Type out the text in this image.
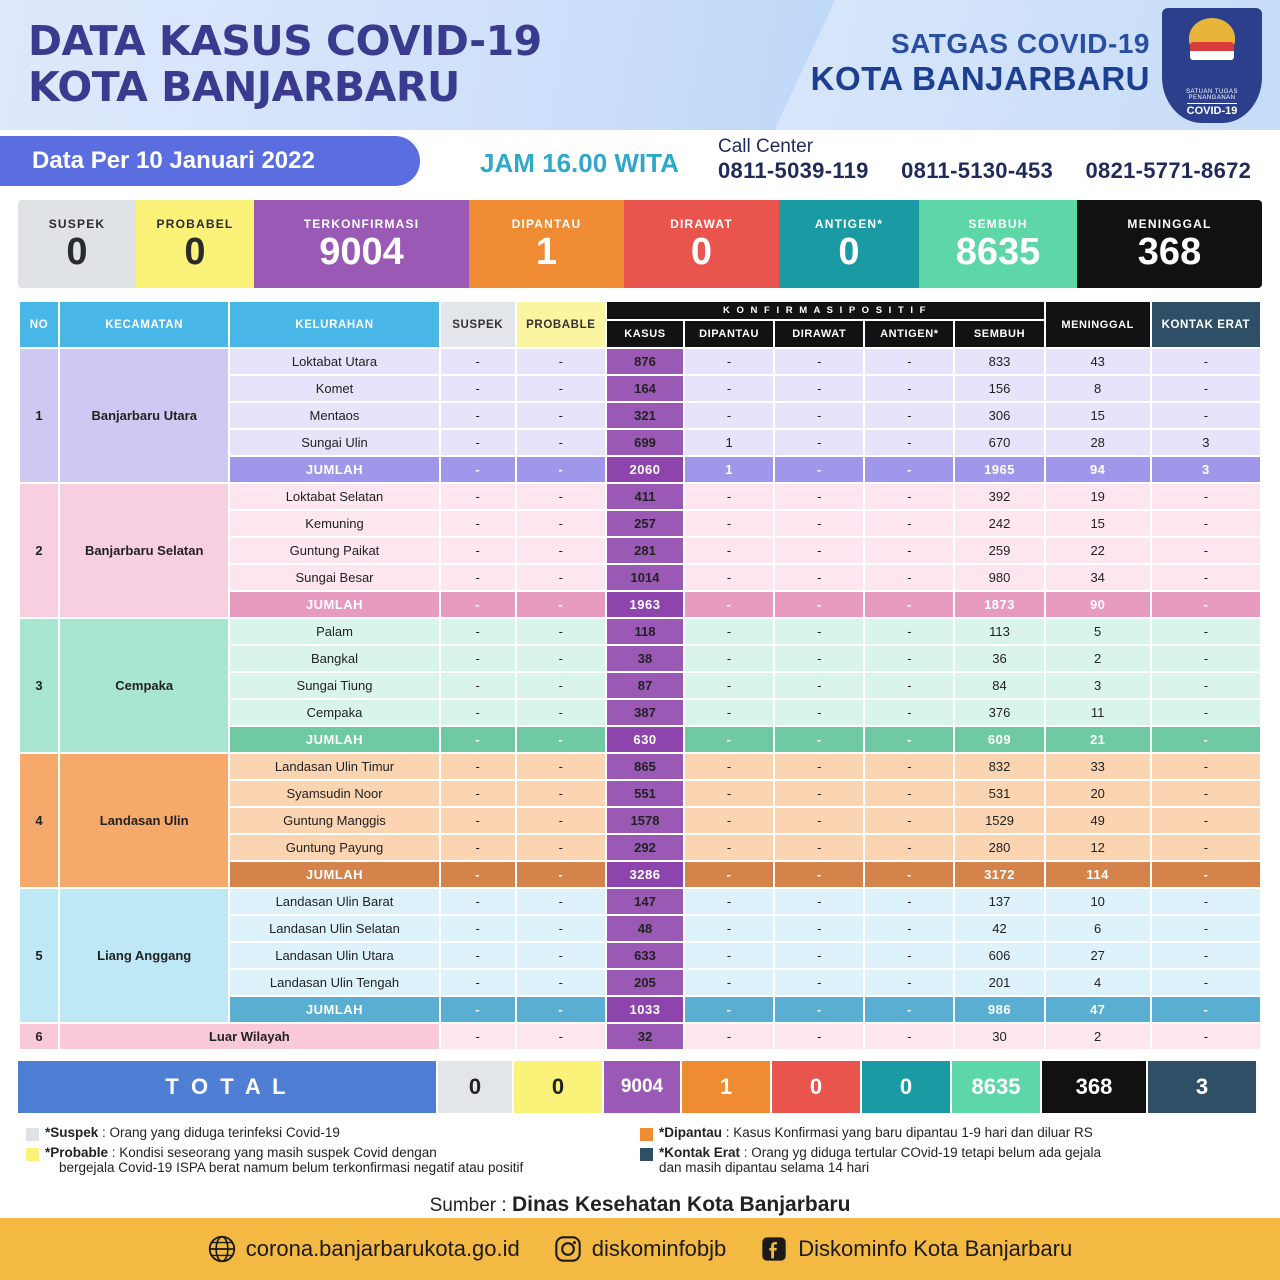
DATA KASUS COVID-19
KOTA BANJARBARU
SATGAS COVID-19
KOTA BANJARBARU	SATUAN TUGAS
PENANGANAN
COVID-19
Data Per 10 Januari 2022	JAM 16.00 WITA
Call Center
0811-5039-119 0811-5130-453 0821-5771-8672
SUSPEK
0
PROBABEL
0
TERKONFIRMASI
9004
DIPANTAU
1
DIRAWAT
0
ANTIGEN*
0
SEMBUH
8635
MENINGGAL
368
NO	KECAMATAN	KELURAHAN	SUSPEK	PROBABLE	K O N F I R M A S I P O S I T I F					MENINGGAL	KONTAK ERAT
					KASUS	DIPANTAU	DIRAWAT	ANTIGEN*	SEMBUH		
1	Banjarbaru Utara	Loktabat Utara	-	-	876	-	-	-	833	43	-
		Komet	-	-	164	-	-	-	156	8	-
		Mentaos	-	-	321	-	-	-	306	15	-
		Sungai Ulin	-	-	699	1	-	-	670	28	3
		JUMLAH	-	-	2060	1	-	-	1965	94	3
2	Banjarbaru Selatan	Loktabat Selatan	-	-	411	-	-	-	392	19	-
		Kemuning	-	-	257	-	-	-	242	15	-
		Guntung Paikat	-	-	281	-	-	-	259	22	-
		Sungai Besar	-	-	1014	-	-	-	980	34	-
		JUMLAH	-	-	1963	-	-	-	1873	90	-
3	Cempaka	Palam	-	-	118	-	-	-	113	5	-
		Bangkal	-	-	38	-	-	-	36	2	-
		Sungai Tiung	-	-	87	-	-	-	84	3	-
		Cempaka	-	-	387	-	-	-	376	11	-
		JUMLAH	-	-	630	-	-	-	609	21	-
4	Landasan Ulin	Landasan Ulin Timur	-	-	865	-	-	-	832	33	-
		Syamsudin Noor	-	-	551	-	-	-	531	20	-
		Guntung Manggis	-	-	1578	-	-	-	1529	49	-
		Guntung Payung	-	-	292	-	-	-	280	12	-
		JUMLAH	-	-	3286	-	-	-	3172	114	-
5	Liang Anggang	Landasan Ulin Barat	-	-	147	-	-	-	137	10	-
		Landasan Ulin Selatan	-	-	48	-	-	-	42	6	-
		Landasan Ulin Utara	-	-	633	-	-	-	606	27	-
		Landasan Ulin Tengah	-	-	205	-	-	-	201	4	-
		JUMLAH	-	-	1033	-	-	-	986	47	-
6	Luar Wilayah		-	-	32	-	-	-	30	2	-
T O T A L	0	0	9004	1	0	0	8635	368	3
*Suspek : Orang yang diduga terinfeksi Covid-19
*Probable : Kondisi seseorang yang masih suspek Covid dengan
bergejala Covid-19 ISPA berat namum belum terkonfirmasi negatif atau positif
*Dipantau : Kasus Konfirmasi yang baru dipantau 1-9 hari dan diluar RS
*Kontak Erat : Orang yg diduga tertular COvid-19 tetapi belum ada gejala
dan masih dipantau selama 14 hari
Sumber : Dinas Kesehatan Kota Banjarbaru
corona.banjarbarukota.go.id	diskominfobjb	Diskominfo Kota Banjarbaru
